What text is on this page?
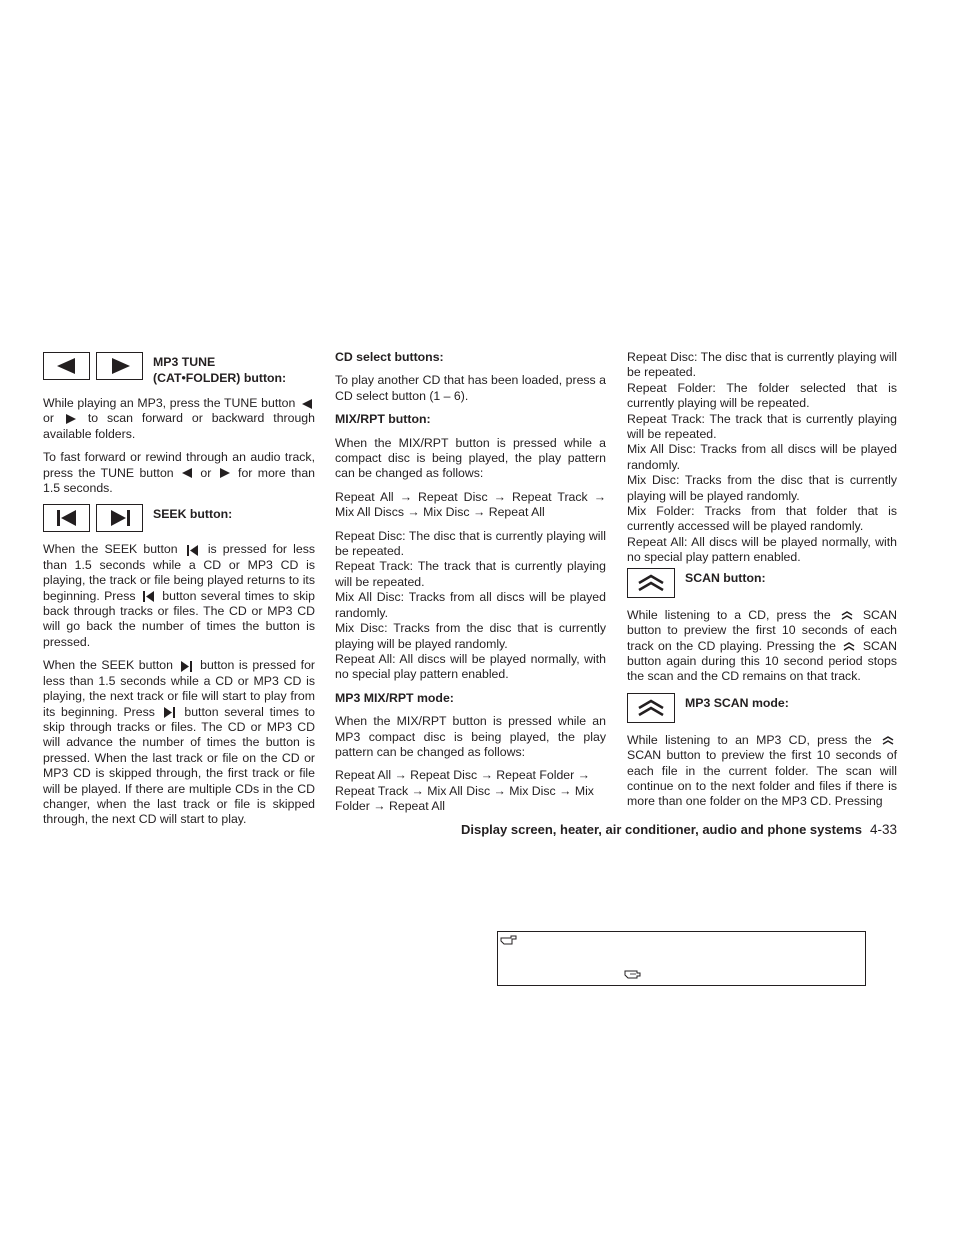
MP3 TUNE
(CAT•FOLDER) button:

While playing an MP3, press the TUNE button  or	to scan forward or backward through available folders.

To fast forward or rewind through an audio track, press the TUNE button or for more than 1.5 seconds.

SEEK button:

When the SEEK button is pressed for less than 1.5 seconds while a CD or MP3 CD is playing, the track or file being played returns to its beginning. Press button several times to skip back through tracks or files. The CD or MP3 CD will go back the number of times the button is pressed.

When the SEEK button button is pressed for less than 1.5 seconds while a CD or MP3 CD is playing, the next track or file will start to play from its beginning. Press button several times to skip through tracks or files. The CD or MP3 CD will advance the number of times the button is pressed. When the last track or file on the CD or MP3 CD is skipped through, the first track or file will be played. If there are multiple CDs in the CD changer, when the last track or file is skipped through, the next CD will start to play.

CD select buttons:

To play another CD that has been loaded, press a CD select button (1 – 6).

MIX/RPT button:

When the MIX/RPT button is pressed while a compact disc is being played, the play pattern can be changed as follows:

Repeat All → Repeat Disc → Repeat Track → Mix All Discs → Mix Disc → Repeat All

Repeat Disc: The disc that is currently playing will be repeated.

Repeat Track: The track that is currently playing will be repeated.

Mix All Disc: Tracks from all discs will be played randomly.

Mix Disc: Tracks from the disc that is currently playing will be played randomly.

Repeat All: All discs will be played normally, with no special play pattern enabled.

MP3 MIX/RPT mode:

When the MIX/RPT button is pressed while an MP3 compact disc is being played, the play pattern can be changed as follows:

Repeat All → Repeat Disc → Repeat Folder → Repeat Track → Mix All Disc → Mix Disc → Mix Folder → Repeat All

Repeat Disc: The disc that is currently playing will be repeated.

Repeat Folder: The folder selected that is currently playing will be repeated.

Repeat Track: The track that is currently playing will be repeated.

Mix All Disc: Tracks from all discs will be played randomly.

Mix Disc: Tracks from the disc that is currently playing will be played randomly.

Mix Folder: Tracks from that folder that is currently accessed will be played randomly.

Repeat All: All discs will be played normally, with no special play pattern enabled.

SCAN button:

While listening to a CD, press the	SCAN button to preview the first 10 seconds of each track on the CD playing. Pressing the SCAN button again during this 10 second period stops the scan and the CD remains on that track.

MP3 SCAN mode:

While listening to an MP3 CD, press the  SCAN button to preview the first 10 seconds of each file in the current folder. The scan will continue on to the next folder and files if there is more than one folder on the MP3 CD. Pressing

Display screen, heater, air conditioner, audio and phone systems 4-33
